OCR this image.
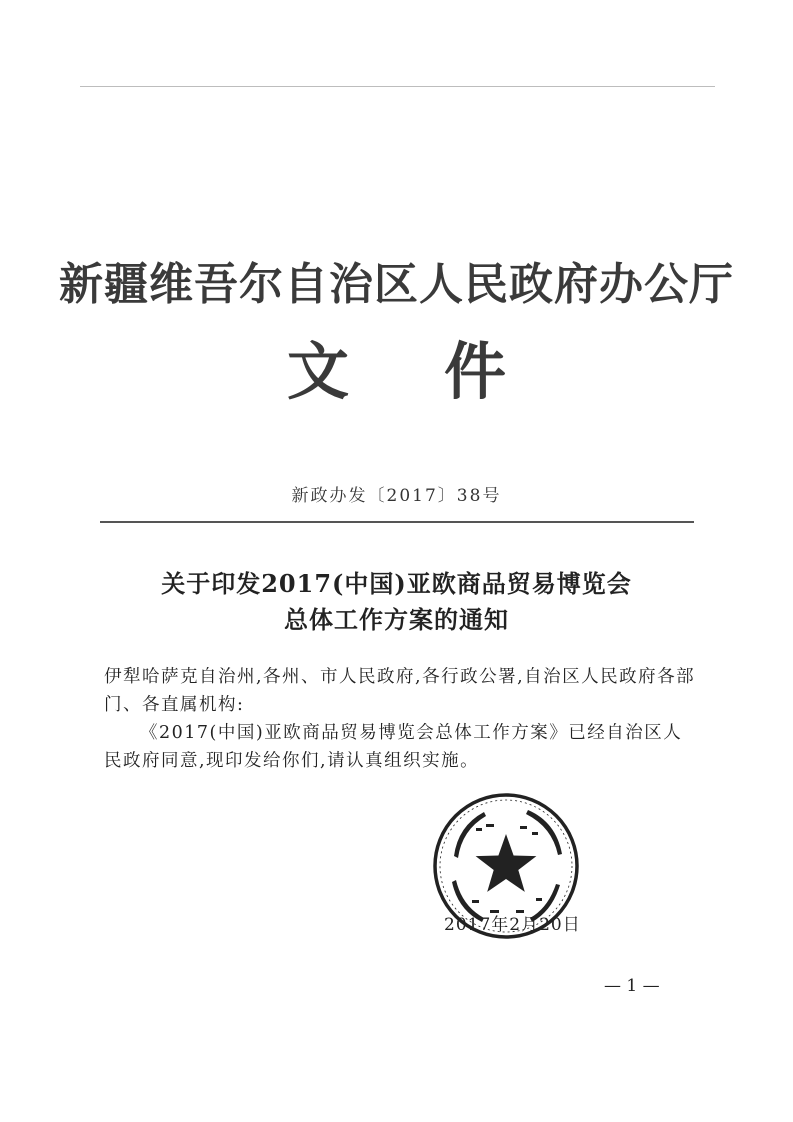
新疆维吾尔自治区人民政府办公厅
文件
新政办发〔2017〕38号
关于印发2017(中国)亚欧商品贸易博览会
总体工作方案的通知

伊犁哈萨克自治州,各州、市人民政府,各行政公署,自治区人民政府各部门、各直属机构:

《2017(中国)亚欧商品贸易博览会总体工作方案》已经自治区人民政府同意,现印发给你们,请认真组织实施。

2017年2月20日
— 1 —
